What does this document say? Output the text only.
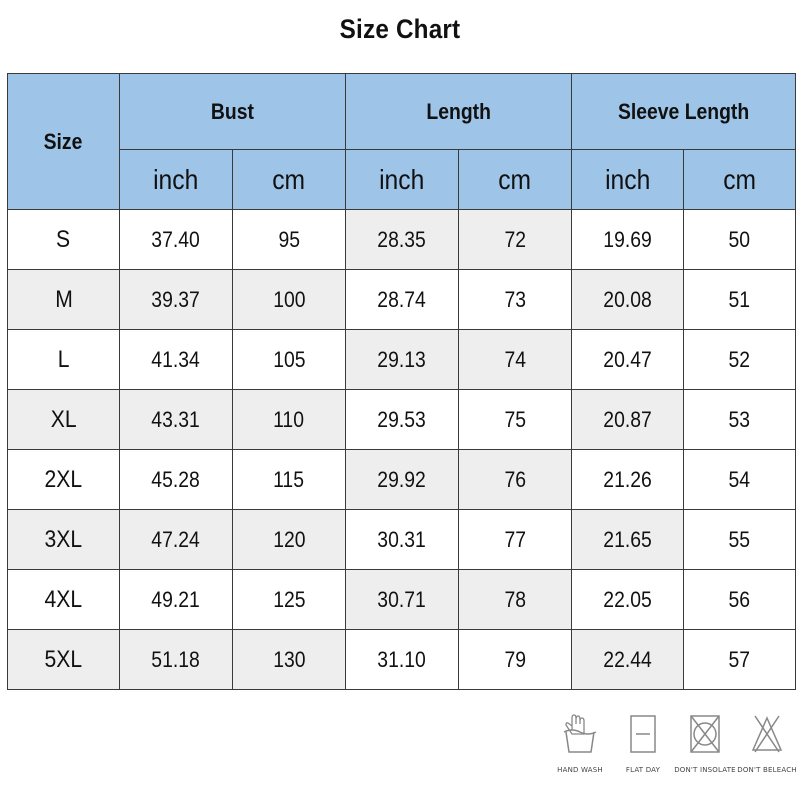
Size Chart
Size	Bust		Length		Sleeve Length	
	inch	cm	inch	cm	inch	cm
S	37.40	95	28.35	72	19.69	50
M	39.37	100	28.74	73	20.08	51
L	41.34	105	29.13	74	20.47	52
XL	43.31	110	29.53	75	20.87	53
2XL	45.28	115	29.92	76	21.26	54
3XL	47.24	120	30.31	77	21.65	55
4XL	49.21	125	30.71	78	22.05	56
5XL	51.18	130	31.10	79	22.44	57
HAND WASH	FLAT DAY DON'T INSOLATE DON'T BELEACH
